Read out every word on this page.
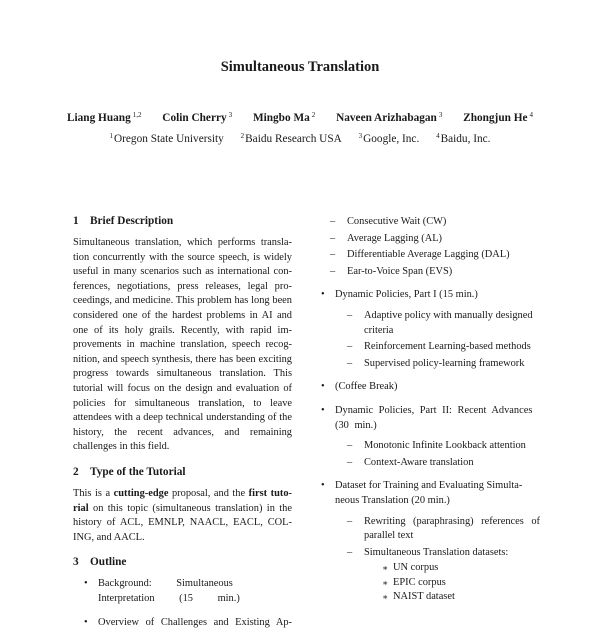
Simultaneous Translation
Liang Huang $^{1,2}$ Colin Cherry $^3$ Mingbo Ma $^2$ Naveen Arizhabagan $^3$ Zhongjun He $^4$
$^1$Oregon State University $^2$Baidu Research USA $^3$Google, Inc. $^4$Baidu, Inc.
1 Brief Description

Simultaneous translation, which performs translation concurrently with the source speech, is widely useful in many scenarios such as international conferences, negotiations, press releases, legal proceedings, and medicine. This problem has long been considered one of the hardest problems in AI and one of its holy grails. Recently, with rapid improvements in machine translation, speech recognition, and speech synthesis, there has been exciting progress towards simultaneous translation. This tutorial will focus on the design and evaluation of policies for simultaneous translation, to leave attendees with a deep technical understanding of the history, the recent advances, and remaining challenges in this field.

2 Type of the Tutorial

This is a cutting-edge proposal, and the first tutorial on this topic (simultaneous translation) in the history of ACL, EMNLP, NAACL, EACL, COLING, and AACL.

3 Outline
• Background: Simultaneous Interpretation (15 min.)
• Overview of Challenges and Existing Ap-
– Consecutive Wait (CW)
– Average Lagging (AL)
– Differentiable Average Lagging (DAL)
– Ear-to-Voice Span (EVS)
• Dynamic Policies, Part I (15 min.)
– Adaptive policy with manually designed criteria
– Reinforcement Learning-based methods
– Supervised policy-learning framework
• (Coffee Break)
• Dynamic Policies, Part II: Recent Advances (30 min.)
– Monotonic Infinite Lookback attention
– Context-Aware translation
• Dataset for Training and Evaluating Simultaneous Translation (20 min.)
– Rewriting (paraphrasing) references of parallel text
– Simultaneous Translation datasets:
∗ UN corpus
∗ EPIC corpus
∗ NAIST dataset
